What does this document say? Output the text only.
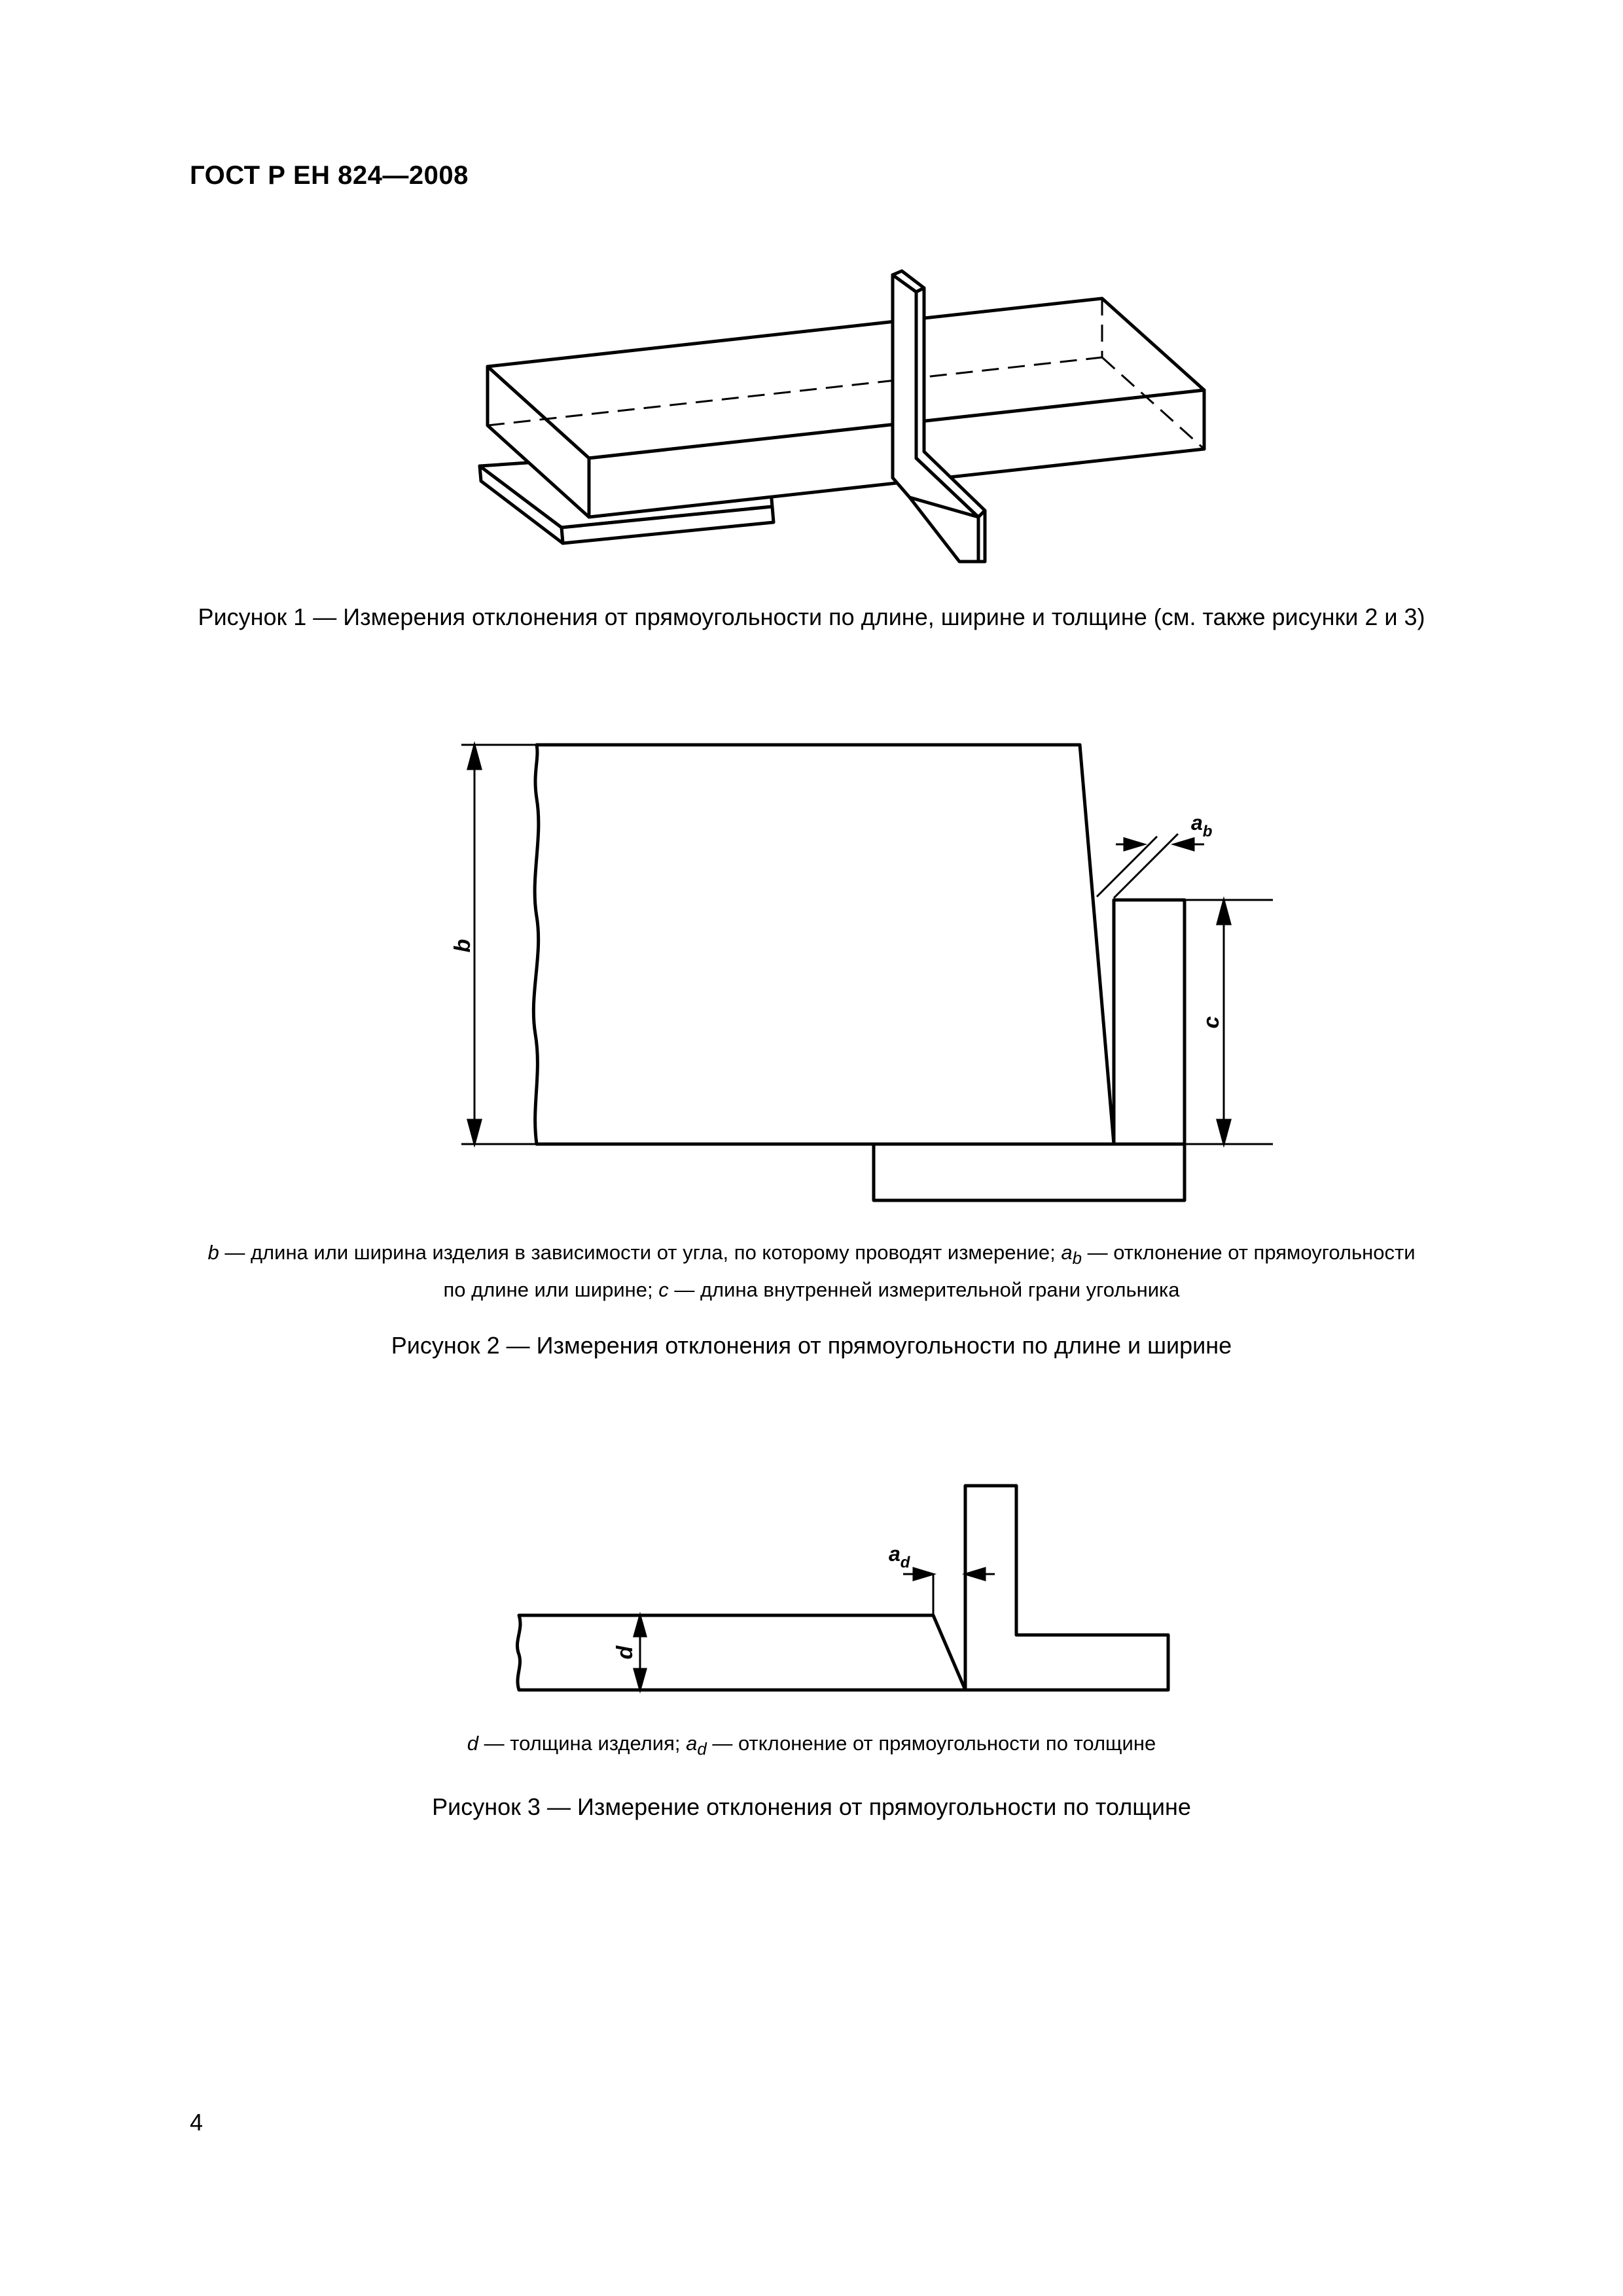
ГОСТ Р ЕН 824—2008
Рисунок 1 — Измерения отклонения от прямоугольности по длине, ширине и толщине (см. также рисунки 2 и 3)
b
c
$a_b$
b — длина или ширина изделия в зависимости от угла, по которому проводят измерение; $a_b$ — отклонение от прямоугольности
по длине или ширине; c — длина внутренней измерительной грани угольника
Рисунок 2 — Измерения отклонения от прямоугольности по длине и ширине
d
$a_d$
d — толщина изделия; $a_d$ — отклонение от прямоугольности по толщине
Рисунок 3 — Измерение отклонения от прямоугольности по толщине
4
